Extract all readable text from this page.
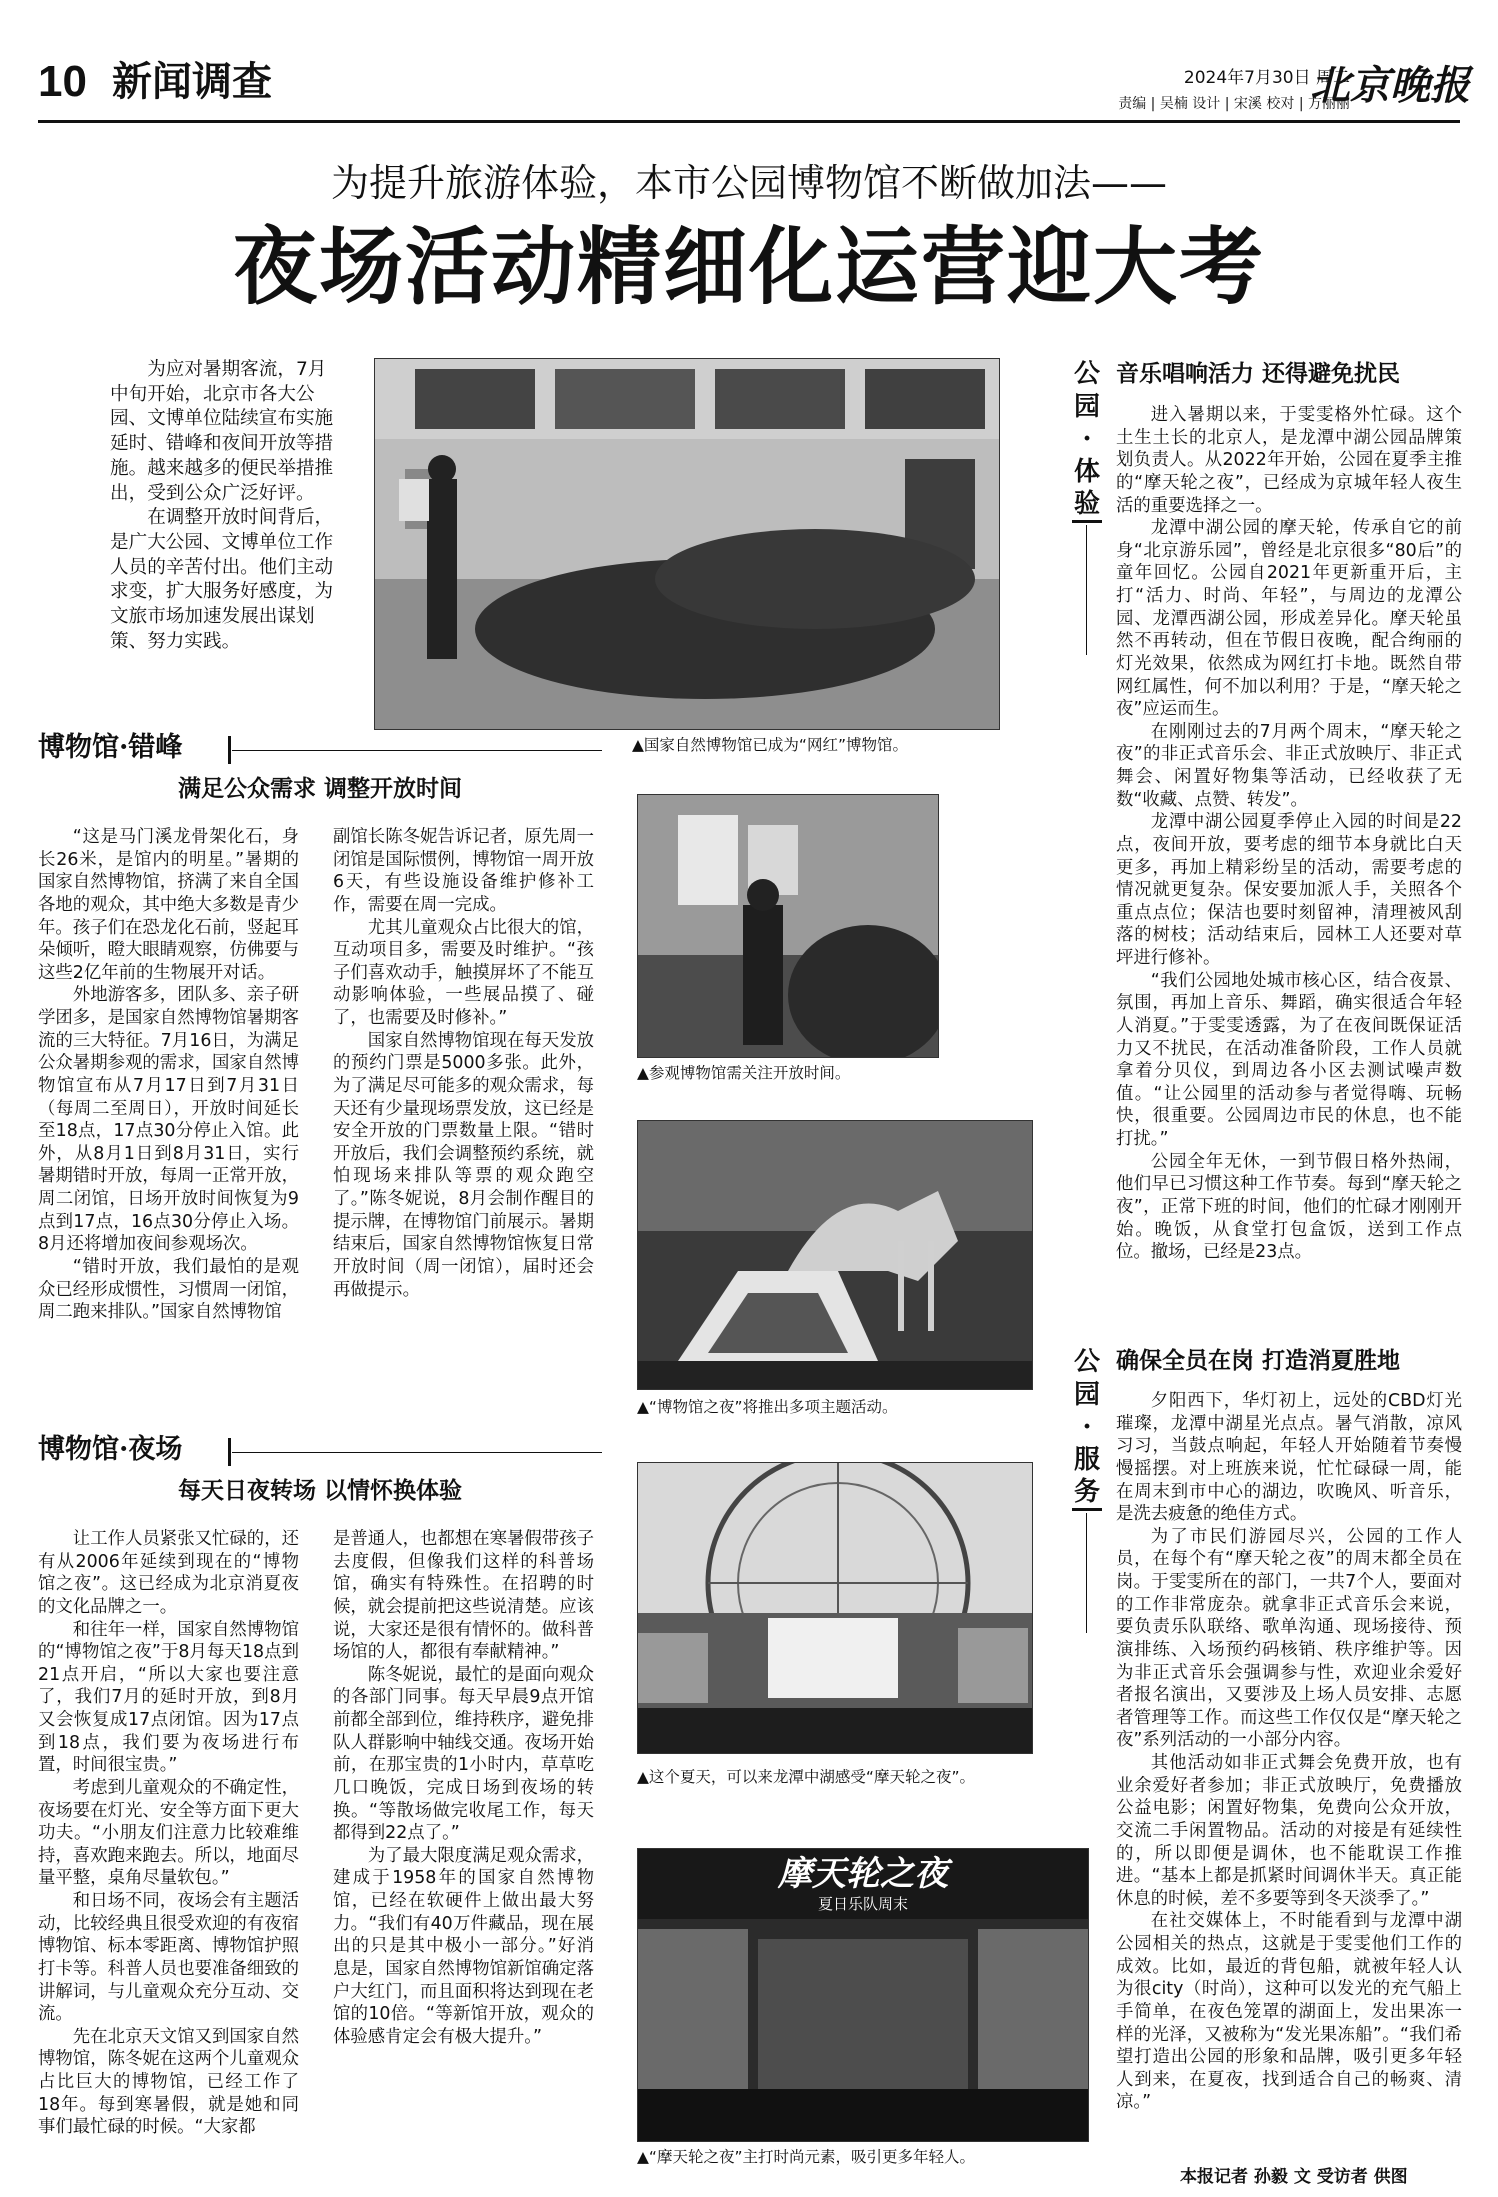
10 新闻调查	2024年7月30日 周二
责编 | 吴楠 设计 | 宋溪 校对 | 方丽丽
北京晚报
为提升旅游体验，本市公园博物馆不断做加法——
夜场活动精细化运营迎大考

为应对暑期客流，7月中旬开始，北京市各大公园、文博单位陆续宣布实施延时、错峰和夜间开放等措施。越来越多的便民举措推出，受到公众广泛好评。

在调整开放时间背后，是广大公园、文博单位工作人员的辛苦付出。他们主动求变，扩大服务好感度，为文旅市场加速发展出谋划策、努力实践。

▲国家自然博物馆已成为“网红”博物馆。
博物馆·错峰
满足公众需求 调整开放时间

“这是马门溪龙骨架化石，身长26米，是馆内的明星。”暑期的国家自然博物馆，挤满了来自全国各地的观众，其中绝大多数是青少年。孩子们在恐龙化石前，竖起耳朵倾听，瞪大眼睛观察，仿佛要与这些2亿年前的生物展开对话。

外地游客多，团队多、亲子研学团多，是国家自然博物馆暑期客流的三大特征。7月16日，为满足公众暑期参观的需求，国家自然博物馆宣布从7月17日到7月31日（每周二至周日），开放时间延长至18点，17点30分停止入馆。此外，从8月1日到8月31日，实行暑期错时开放，每周一正常开放，周二闭馆，日场开放时间恢复为9点到17点，16点30分停止入场。8月还将增加夜间参观场次。

“错时开放，我们最怕的是观众已经形成惯性，习惯周一闭馆，周二跑来排队。”国家自然博物馆

副馆长陈冬妮告诉记者，原先周一闭馆是国际惯例，博物馆一周开放6天，有些设施设备维护修补工作，需要在周一完成。

尤其儿童观众占比很大的馆，互动项目多，需要及时维护。“孩子们喜欢动手，触摸屏坏了不能互动影响体验，一些展品摸了、碰了，也需要及时修补。”

国家自然博物馆现在每天发放的预约门票是5000多张。此外，为了满足尽可能多的观众需求，每天还有少量现场票发放，这已经是安全开放的门票数量上限。“错时开放后，我们会调整预约系统，就怕现场来排队等票的观众跑空了。”陈冬妮说，8月会制作醒目的提示牌，在博物馆门前展示。暑期结束后，国家自然博物馆恢复日常开放时间（周一闭馆），届时还会再做提示。

博物馆·夜场
每天日夜转场 以情怀换体验

让工作人员紧张又忙碌的，还有从2006年延续到现在的“博物馆之夜”。这已经成为北京消夏夜的文化品牌之一。

和往年一样，国家自然博物馆的“博物馆之夜”于8月每天18点到21点开启，“所以大家也要注意了，我们7月的延时开放，到8月又会恢复成17点闭馆。因为17点到18点，我们要为夜场进行布置，时间很宝贵。”

考虑到儿童观众的不确定性，夜场要在灯光、安全等方面下更大功夫。“小朋友们注意力比较难维持，喜欢跑来跑去。所以，地面尽量平整，桌角尽量软包。”

和日场不同，夜场会有主题活动，比较经典且很受欢迎的有夜宿博物馆、标本零距离、博物馆护照打卡等。科普人员也要准备细致的讲解词，与儿童观众充分互动、交流。

先在北京天文馆又到国家自然博物馆，陈冬妮在这两个儿童观众占比巨大的博物馆，已经工作了18年。每到寒暑假，就是她和同事们最忙碌的时候。“大家都

是普通人，也都想在寒暑假带孩子去度假，但像我们这样的科普场馆，确实有特殊性。在招聘的时候，就会提前把这些说清楚。应该说，大家还是很有情怀的。做科普场馆的人，都很有奉献精神。”

陈冬妮说，最忙的是面向观众的各部门同事。每天早晨9点开馆前都全部到位，维持秩序，避免排队人群影响中轴线交通。夜场开始前，在那宝贵的1小时内，草草吃几口晚饭，完成日场到夜场的转换。“等散场做完收尾工作，每天都得到22点了。”

为了最大限度满足观众需求，建成于1958年的国家自然博物馆，已经在软硬件上做出最大努力。“我们有40万件藏品，现在展出的只是其中极小一部分。”好消息是，国家自然博物馆新馆确定落户大红门，而且面积将达到现在老馆的10倍。“等新馆开放，观众的体验感肯定会有极大提升。”

▲参观博物馆需关注开放时间。
▲“博物馆之夜”将推出多项主题活动。
▲这个夏天，可以来龙潭中湖感受“摩天轮之夜”。
摩天轮之夜
夏日乐队周末
▲“摩天轮之夜”主打时尚元素，吸引更多年轻人。
公园·体验
音乐唱响活力 还得避免扰民

进入暑期以来，于雯雯格外忙碌。这个土生土长的北京人，是龙潭中湖公园品牌策划负责人。从2022年开始，公园在夏季主推的“摩天轮之夜”，已经成为京城年轻人夜生活的重要选择之一。

龙潭中湖公园的摩天轮，传承自它的前身“北京游乐园”，曾经是北京很多“80后”的童年回忆。公园自2021年更新重开后，主打“活力、时尚、年轻”，与周边的龙潭公园、龙潭西湖公园，形成差异化。摩天轮虽然不再转动，但在节假日夜晚，配合绚丽的灯光效果，依然成为网红打卡地。既然自带网红属性，何不加以利用？于是，“摩天轮之夜”应运而生。

在刚刚过去的7月两个周末，“摩天轮之夜”的非正式音乐会、非正式放映厅、非正式舞会、闲置好物集等活动，已经收获了无数“收藏、点赞、转发”。

龙潭中湖公园夏季停止入园的时间是22点，夜间开放，要考虑的细节本身就比白天更多，再加上精彩纷呈的活动，需要考虑的情况就更复杂。保安要加派人手，关照各个重点点位；保洁也要时刻留神，清理被风刮落的树枝；活动结束后，园林工人还要对草坪进行修补。

“我们公园地处城市核心区，结合夜景、氛围，再加上音乐、舞蹈，确实很适合年轻人消夏。”于雯雯透露，为了在夜间既保证活力又不扰民，在活动准备阶段，工作人员就拿着分贝仪，到周边各小区去测试噪声数值。“让公园里的活动参与者觉得嗨、玩畅快，很重要。公园周边市民的休息，也不能打扰。”

公园全年无休，一到节假日格外热闹，他们早已习惯这种工作节奏。每到“摩天轮之夜”，正常下班的时间，他们的忙碌才刚刚开始。晚饭，从食堂打包盒饭，送到工作点位。撤场，已经是23点。

公园·服务
确保全员在岗 打造消夏胜地

夕阳西下，华灯初上，远处的CBD灯光璀璨，龙潭中湖星光点点。暑气消散，凉风习习，当鼓点响起，年轻人开始随着节奏慢慢摇摆。对上班族来说，忙忙碌碌一周，能在周末到市中心的湖边，吹晚风、听音乐，是洗去疲惫的绝佳方式。

为了市民们游园尽兴，公园的工作人员，在每个有“摩天轮之夜”的周末都全员在岗。于雯雯所在的部门，一共7个人，要面对的工作非常庞杂。就拿非正式音乐会来说，要负责乐队联络、歌单沟通、现场接待、预演排练、入场预约码核销、秩序维护等。因为非正式音乐会强调参与性，欢迎业余爱好者报名演出，又要涉及上场人员安排、志愿者管理等工作。而这些工作仅仅是“摩天轮之夜”系列活动的一小部分内容。

其他活动如非正式舞会免费开放，也有业余爱好者参加；非正式放映厅，免费播放公益电影；闲置好物集，免费向公众开放，交流二手闲置物品。活动的对接是有延续性的，所以即便是调休，也不能耽误工作推进。“基本上都是抓紧时间调休半天。真正能休息的时候，差不多要等到冬天淡季了。”

在社交媒体上，不时能看到与龙潭中湖公园相关的热点，这就是于雯雯他们工作的成效。比如，最近的背包船，就被年轻人认为很city（时尚），这种可以发光的充气船上手简单，在夜色笼罩的湖面上，发出果冻一样的光泽，又被称为“发光果冻船”。“我们希望打造出公园的形象和品牌，吸引更多年轻人到来，在夏夜，找到适合自己的畅爽、清凉。”

本报记者 孙毅 文 受访者 供图
